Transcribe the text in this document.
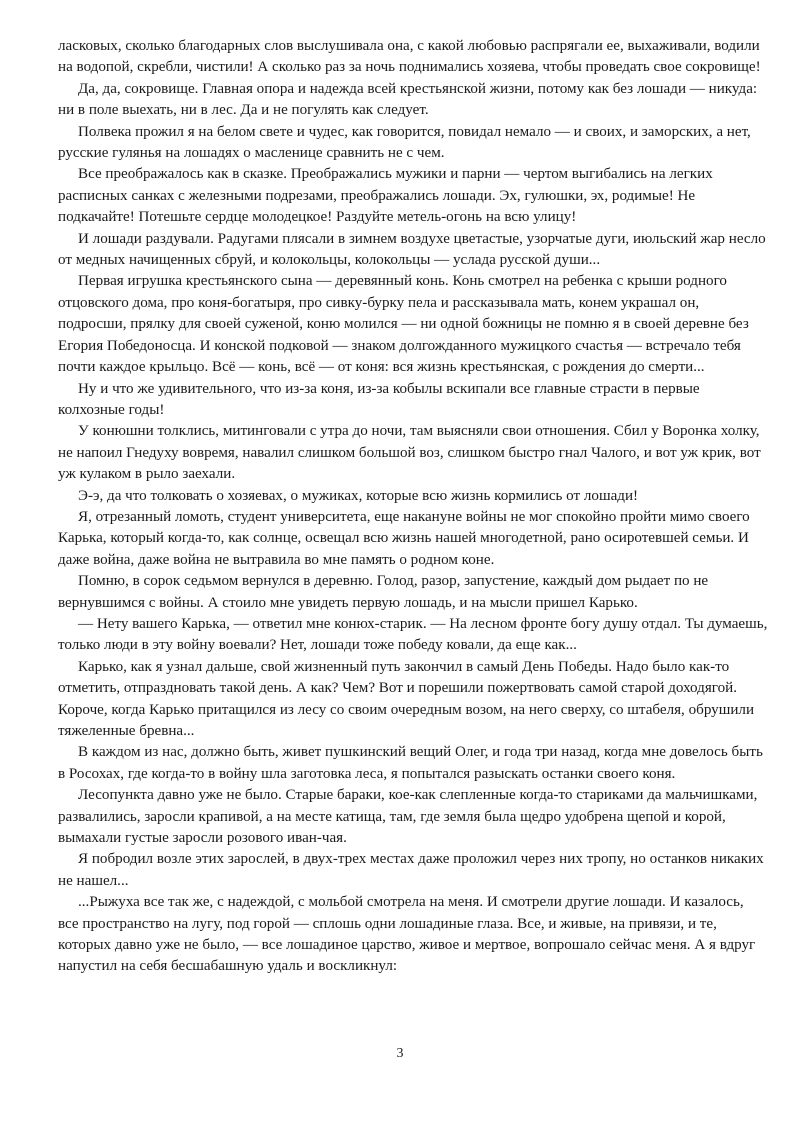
ласковых, сколько благодарных слов выслушивала она, с какой любовью распрягали ее, выхаживали, водили на водопой, скребли, чистили! А сколько раз за ночь поднимались хозяева, чтобы проведать свое сокровище!

Да, да, сокровище. Главная опора и надежда всей крестьянской жизни, потому как без лошади — никуда: ни в поле выехать, ни в лес. Да и не погулять как следует.

Полвека прожил я на белом свете и чудес, как говорится, повидал немало — и своих, и заморских, а нет, русские гулянья на лошадях о масленице сравнить не с чем.

Все преображалось как в сказке. Преображались мужики и парни — чертом выгибались на легких расписных санках с железными подрезами, преображались лошади. Эх, гулюшки, эх, родимые! Не подкачайте! Потешьте сердце молодецкое! Раздуйте метель-огонь на всю улицу!

И лошади раздували. Радугами плясали в зимнем воздухе цветастые, узорчатые дуги, июльский жар несло от медных начищенных сбруй, и колокольцы, колокольцы — услада русской души...

Первая игрушка крестьянского сына — деревянный конь. Конь смотрел на ребенка с крыши родного отцовского дома, про коня-богатыря, про сивку-бурку пела и рассказывала мать, конем украшал он, подросши, прялку для своей суженой, коню молился — ни одной божницы не помню я в своей деревне без Егория Победоносца. И конской подковой — знаком долгожданного мужицкого счастья — встречало тебя почти каждое крыльцо. Всё — конь, всё — от коня: вся жизнь крестьянская, с рождения до смерти...

Ну и что же удивительного, что из-за коня, из-за кобылы вскипали все главные страсти в первые колхозные годы!

У конюшни толклись, митинговали с утра до ночи, там выясняли свои отношения. Сбил у Воронка холку, не напоил Гнедуху вовремя, навалил слишком большой воз, слишком быстро гнал Чалого, и вот уж крик, вот уж кулаком в рыло заехали.

Э-э, да что толковать о хозяевах, о мужиках, которые всю жизнь кормились от лошади!

Я, отрезанный ломоть, студент университета, еще накануне войны не мог спокойно пройти мимо своего Карька, который когда-то, как солнце, освещал всю жизнь нашей многодетной, рано осиротевшей семьи. И даже война, даже война не вытравила во мне память о родном коне.

Помню, в сорок седьмом вернулся в деревню. Голод, разор, запустение, каждый дом рыдает по не вернувшимся с войны. А стоило мне увидеть первую лошадь, и на мысли пришел Карько.

— Нету вашего Карька, — ответил мне конюх-старик. — На лесном фронте богу душу отдал. Ты думаешь, только люди в эту войну воевали? Нет, лошади тоже победу ковали, да еще как...

Карько, как я узнал дальше, свой жизненный путь закончил в самый День Победы. Надо было как-то отметить, отпраздновать такой день. А как? Чем? Вот и порешили пожертвовать самой старой доходягой. Короче, когда Карько притащился из лесу со своим очередным возом, на него сверху, со штабеля, обрушили тяжеленные бревна...

В каждом из нас, должно быть, живет пушкинский вещий Олег, и года три назад, когда мне довелось быть в Росохах, где когда-то в войну шла заготовка леса, я попытался разыскать останки своего коня.

Лесопункта давно уже не было. Старые бараки, кое-как слепленные когда-то стариками да мальчишками, развалились, заросли крапивой, а на месте катища, там, где земля была щедро удобрена щепой и корой, вымахали густые заросли розового иван-чая.

Я побродил возле этих зарослей, в двух-трех местах даже проложил через них тропу, но останков никаких не нашел...

...Рыжуха все так же, с надеждой, с мольбой смотрела на меня. И смотрели другие лошади. И казалось, все пространство на лугу, под горой — сплошь одни лошадиные глаза. Все, и живые, на привязи, и те, которых давно уже не было, — все лошадиное царство, живое и мертвое, вопрошало сейчас меня. А я вдруг напустил на себя бесшабашную удаль и воскликнул:

3
